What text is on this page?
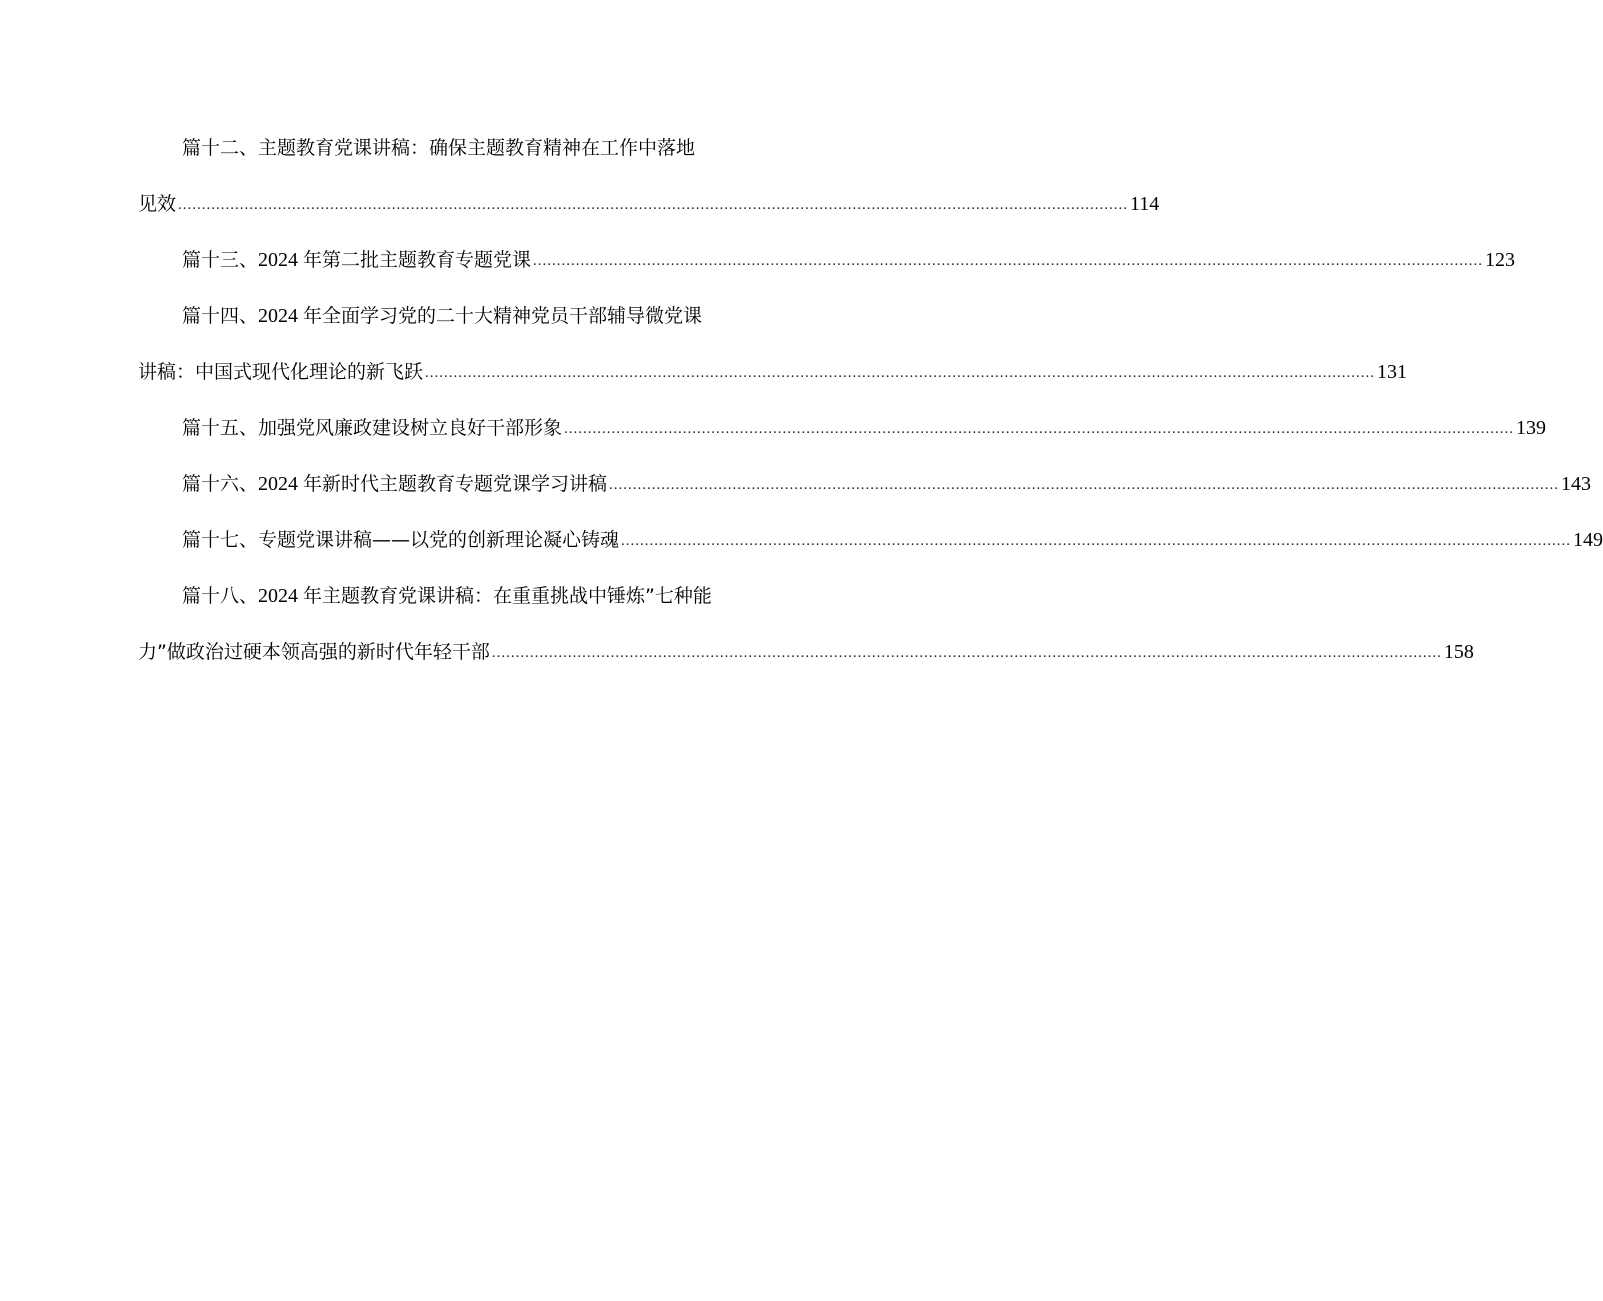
篇十二、主题教育党课讲稿：确保主题教育精神在工作中落地
见效 ........................................................................................................................................................................................................ 114
篇十三、2024 年第二批主题教育专题党课 ........................................................................................................................................................................................................ 123
篇十四、2024 年全面学习党的二十大精神党员干部辅导微党课
讲稿：中国式现代化理论的新飞跃 ........................................................................................................................................................................................................ 131
篇十五、加强党风廉政建设树立良好干部形象 ........................................................................................................................................................................................................ 139
篇十六、2024 年新时代主题教育专题党课学习讲稿 ........................................................................................................................................................................................................ 143
篇十七、专题党课讲稿——以党的创新理论凝心铸魂 ........................................................................................................................................................................................................ 149
篇十八、2024 年主题教育党课讲稿：在重重挑战中锤炼”七种能
力”做政治过硬本领高强的新时代年轻干部 ........................................................................................................................................................................................................ 158
